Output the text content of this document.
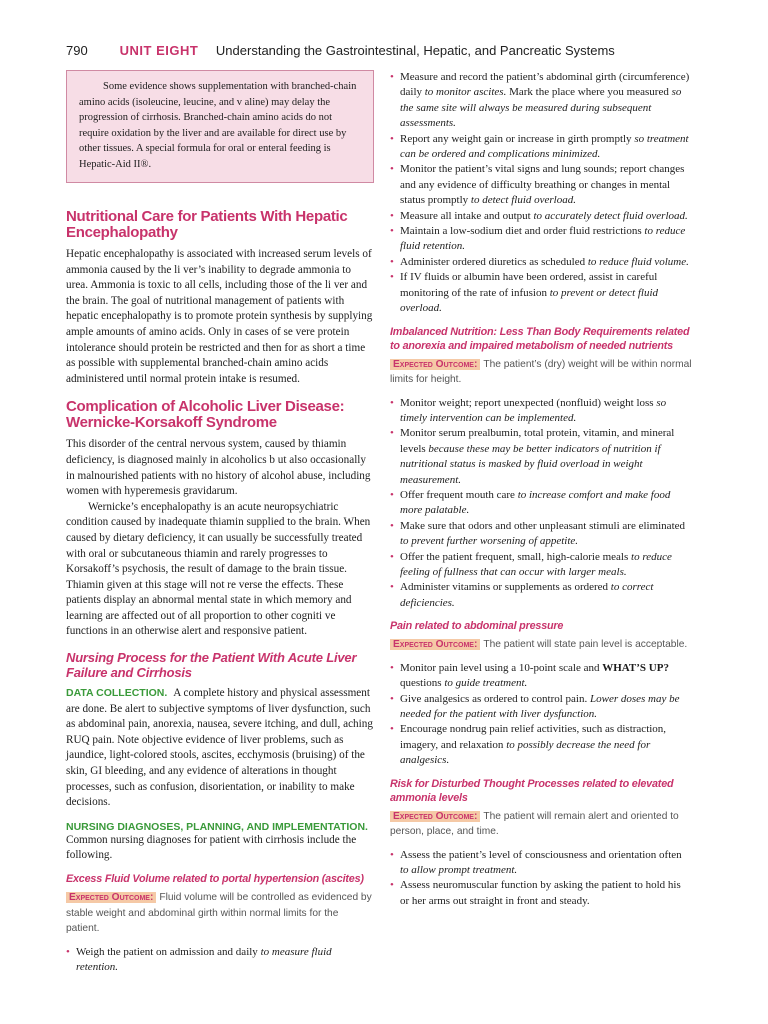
790 UNIT EIGHT Understanding the Gastrointestinal, Hepatic, and Pancreatic Systems

Some evidence shows supplementation with branched-chain amino acids (isoleucine, leucine, and v aline) may delay the progression of cirrhosis. Branched-chain amino acids do not require oxidation by the liver and are available for direct use by other tissues. A special formula for oral or enteral feeding is Hepatic-Aid II®.

Nutritional Care for Patients With Hepatic Encephalopathy

Hepatic encephalopathy is associated with increased serum levels of ammonia caused by the li ver’s inability to degrade ammonia to urea. Ammonia is toxic to all cells, including those of the li ver and the brain. The goal of nutritional management of patients with hepatic encephalopathy is to promote protein synthesis by supplying ample amounts of amino acids. Only in cases of se vere protein intolerance should protein be restricted and then for as short a time as possible with supplemental branched-chain amino acids administered until normal protein intake is resumed.

Complication of Alcoholic Liver Disease: Wernicke-Korsakoff Syndrome

This disorder of the central nervous system, caused by thiamin deficiency, is diagnosed mainly in alcoholics b ut also occasionally in malnourished patients with no history of alcohol abuse, including women with hyperemesis gravidarum.

Wernicke’s encephalopathy is an acute neuropsychiatric condition caused by inadequate thiamin supplied to the brain. When caused by dietary deficiency, it can usually be successfully treated with oral or subcutaneous thiamin and rarely progresses to Korsakoff’s psychosis, the result of damage to the brain tissue. Thiamin given at this stage will not re verse the effects. These patients display an abnormal mental state in which memory and learning are affected out of all proportion to other cogniti ve functions in an otherwise alert and responsive patient.

Nursing Process for the Patient With Acute Liver Failure and Cirrhosis

DATA COLLECTION. A complete history and physical assessment are done. Be alert to subjective symptoms of liver dysfunction, such as abdominal pain, anorexia, nausea, severe itching, and dull, aching RUQ pain. Note objective evidence of liver problems, such as jaundice, light-colored stools, ascites, ecchymosis (bruising) of the skin, GI bleeding, and any evidence of alterations in thought processes, such as confusion, disorientation, or inability to make decisions.

NURSING DIAGNOSES, PLANNING, AND IMPLEMENTATION.

Common nursing diagnoses for patient with cirrhosis include the following.

Excess Fluid Volume related to portal hypertension (ascites)
Expected Outcome: Fluid volume will be controlled as evidenced by stable weight and abdominal girth within normal limits for the patient.
• Weigh the patient on admission and daily to measure fluid retention.
• Measure and record the patient’s abdominal girth (circumference) daily to monitor ascites. Mark the place where you measured so the same site will always be measured during subsequent assessments.
• Report any weight gain or increase in girth promptly so treatment can be ordered and complications minimized.
• Monitor the patient’s vital signs and lung sounds; report changes and any evidence of difficulty breathing or changes in mental status promptly to detect fluid overload.
• Measure all intake and output to accurately detect fluid overload.
• Maintain a low-sodium diet and order fluid restrictions to reduce fluid retention.
• Administer ordered diuretics as scheduled to reduce fluid volume.
• If IV fluids or albumin have been ordered, assist in careful monitoring of the rate of infusion to prevent or detect fluid overload.
Imbalanced Nutrition: Less Than Body Requirements related to anorexia and impaired metabolism of needed nutrients
Expected Outcome: The patient’s (dry) weight will be within normal limits for height.
• Monitor weight; report unexpected (nonfluid) weight loss so timely intervention can be implemented.
• Monitor serum prealbumin, total protein, vitamin, and mineral levels because these may be better indicators of nutrition if nutritional status is masked by fluid overload in weight measurement.
• Offer frequent mouth care to increase comfort and make food more palatable.
• Make sure that odors and other unpleasant stimuli are eliminated to prevent further worsening of appetite.
• Offer the patient frequent, small, high-calorie meals to reduce feeling of fullness that can occur with larger meals.
• Administer vitamins or supplements as ordered to correct deficiencies.
Pain related to abdominal pressure
Expected Outcome: The patient will state pain level is acceptable.
• Monitor pain level using a 10-point scale and WHAT’S UP? questions to guide treatment.
• Give analgesics as ordered to control pain. Lower doses may be needed for the patient with liver dysfunction.
• Encourage nondrug pain relief activities, such as distraction, imagery, and relaxation to possibly decrease the need for analgesics.
Risk for Disturbed Thought Processes related to elevated ammonia levels
Expected Outcome: The patient will remain alert and oriented to person, place, and time.
• Assess the patient’s level of consciousness and orientation often to allow prompt treatment.
• Assess neuromuscular function by asking the patient to hold his or her arms out straight in front and steady.
